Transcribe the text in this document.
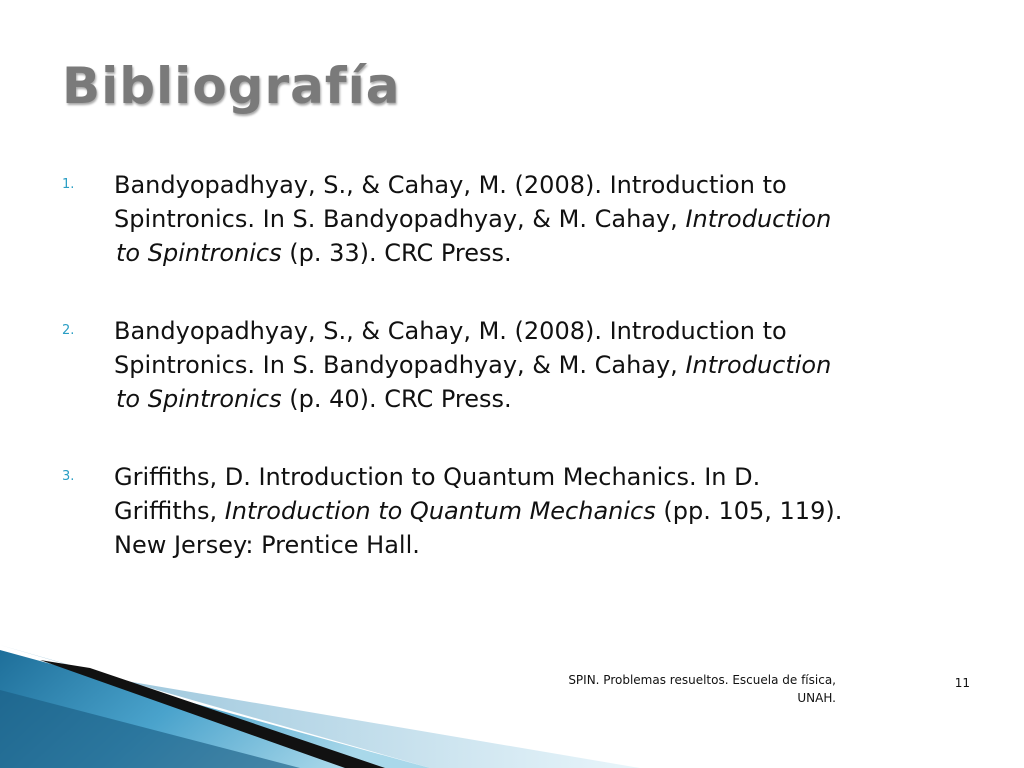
Bibliografía
1. Bandyopadhyay, S., & Cahay, M. (2008). Introduction to
Spintronics. In S. Bandyopadhyay, & M. Cahay, Introduction
to Spintronics (p. 33). CRC Press.
2. Bandyopadhyay, S., & Cahay, M. (2008). Introduction to
Spintronics. In S. Bandyopadhyay, & M. Cahay, Introduction
to Spintronics (p. 40). CRC Press.
3. Griffiths, D. Introduction to Quantum Mechanics. In D.
Griffiths, Introduction to Quantum Mechanics (pp. 105, 119).
New Jersey: Prentice Hall.
SPIN. Problemas resueltos. Escuela de física,
UNAH.
11
